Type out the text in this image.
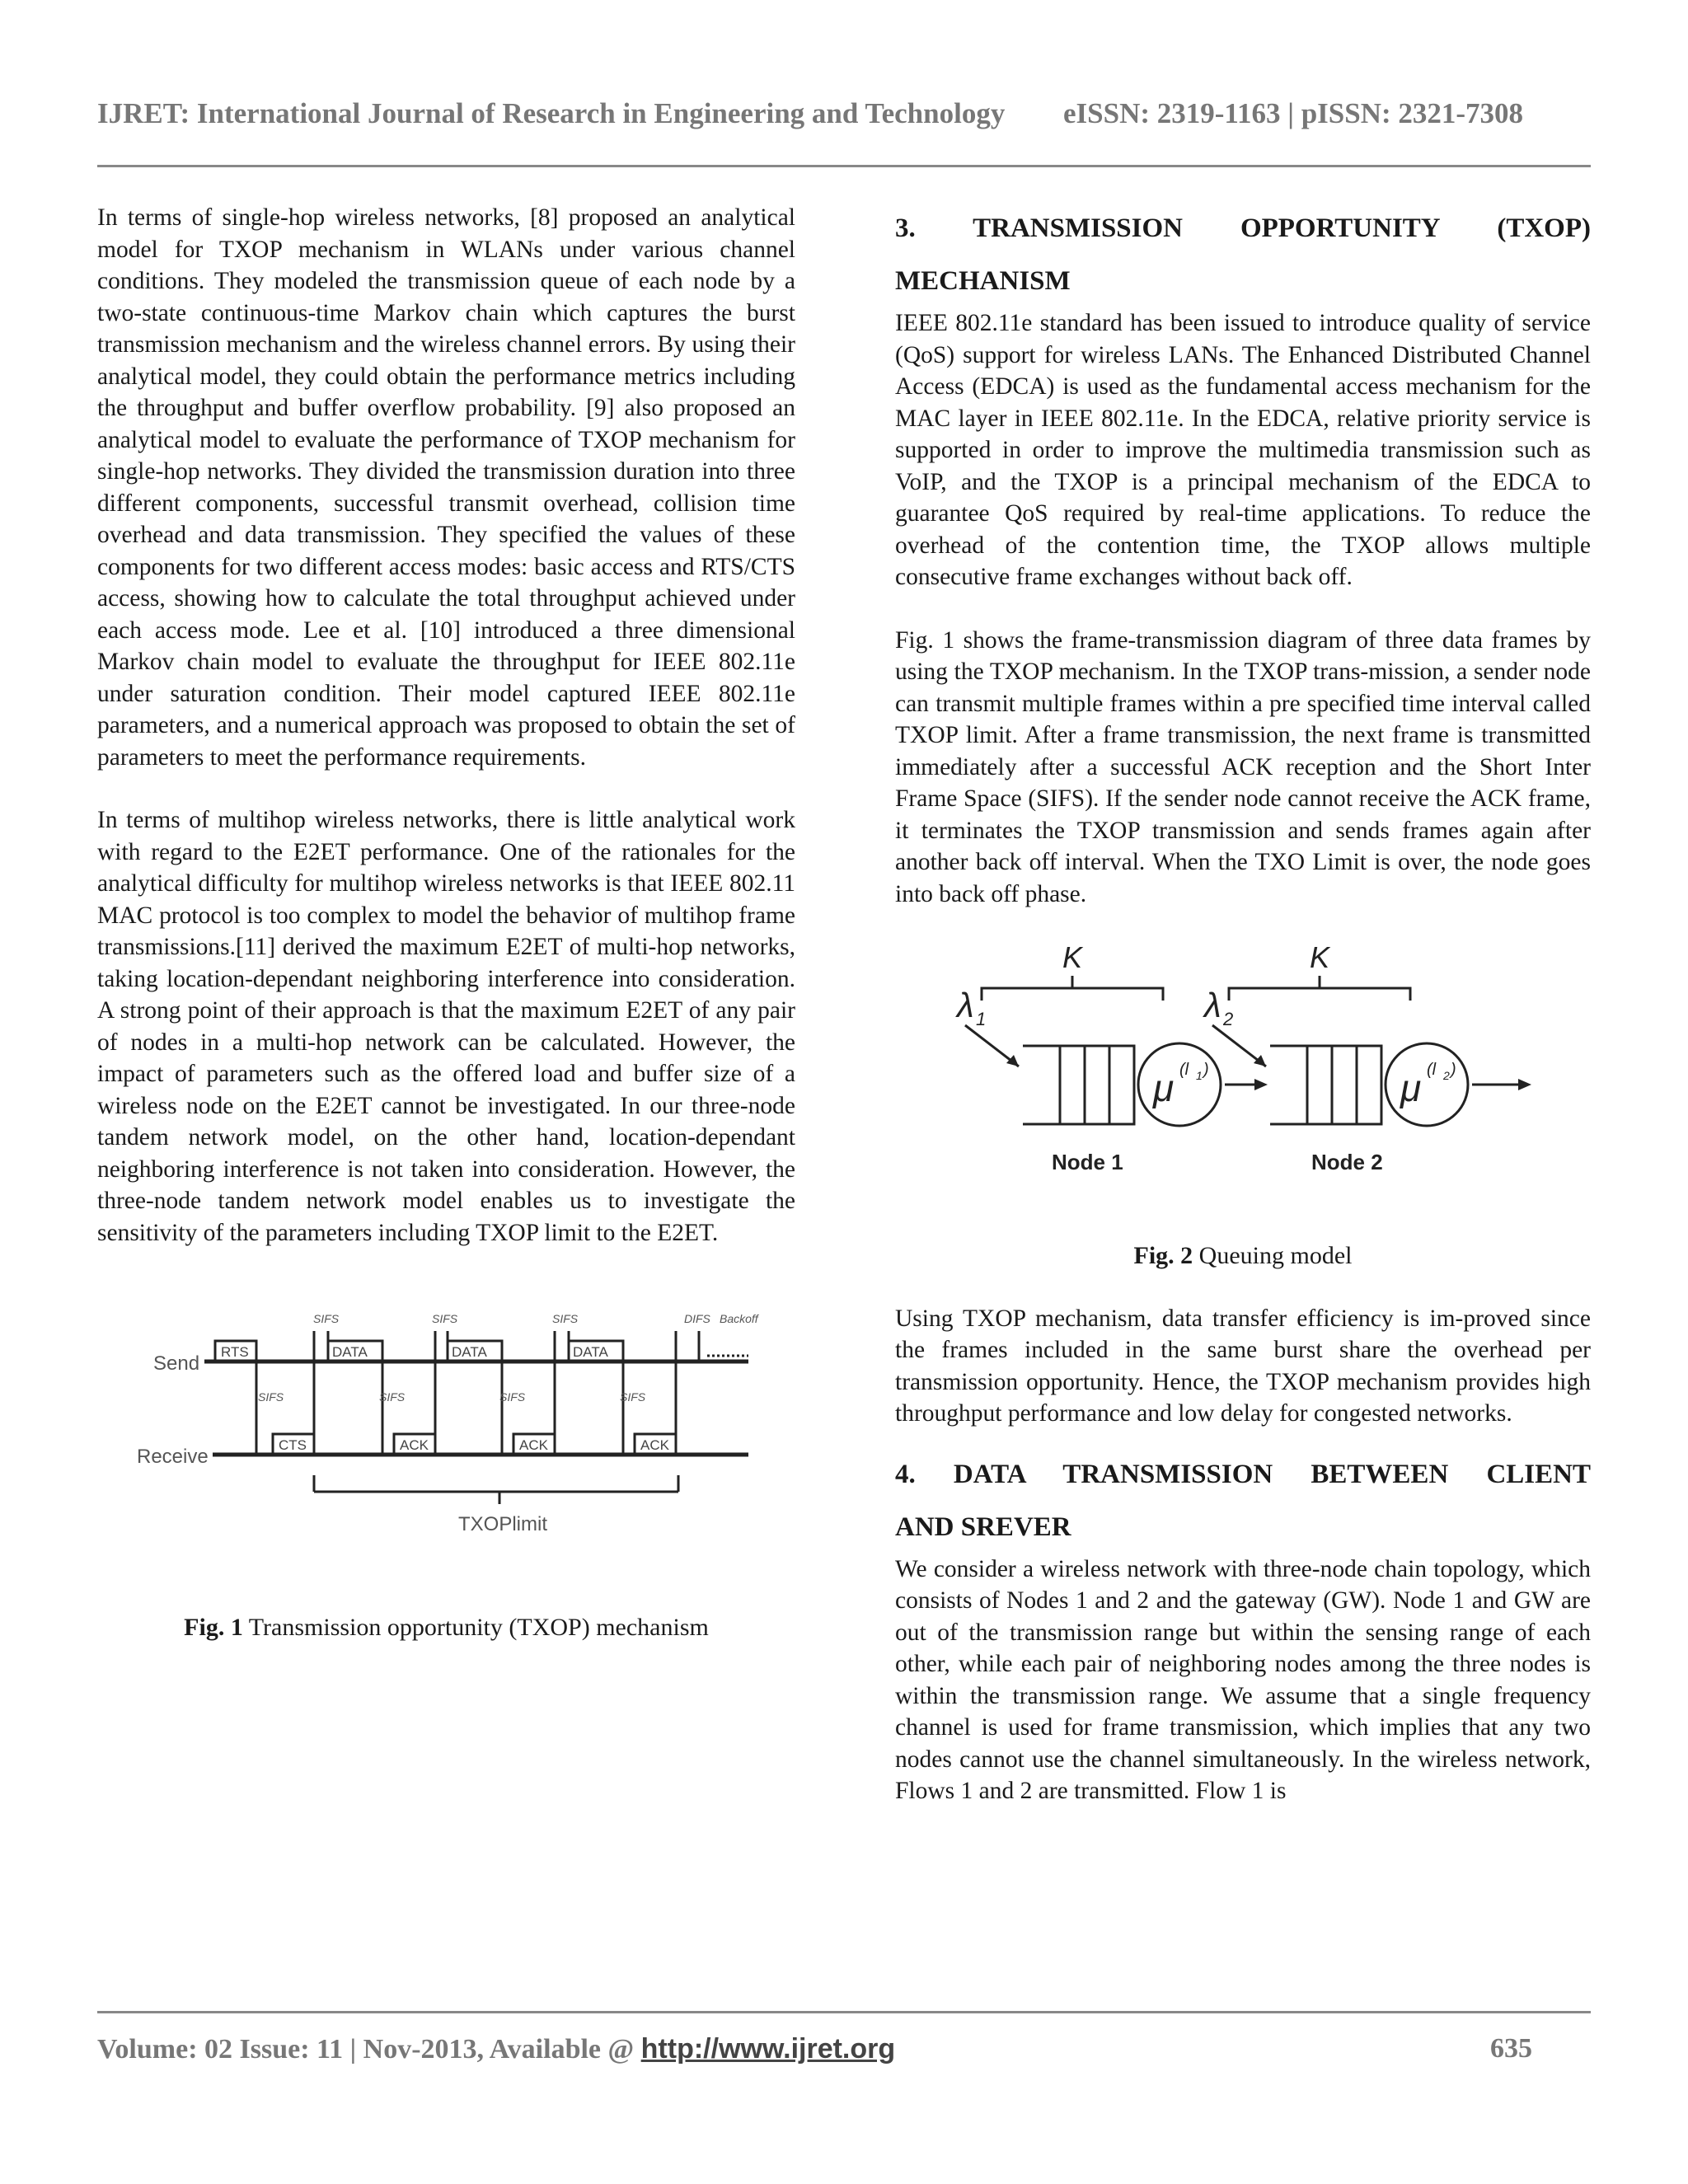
IJRET: International Journal of Research in Engineering and Technology eISSN: 2319-1163 | pISSN: 2321-7308

In terms of single-hop wireless networks, [8] proposed an analytical model for TXOP mechanism in WLANs under various channel conditions. They modeled the transmission queue of each node by a two-state continuous-time Markov chain which captures the burst transmission mechanism and the wireless channel errors. By using their analytical model, they could obtain the performance metrics including the throughput and buffer overflow probability. [9] also proposed an analytical model to evaluate the performance of TXOP mechanism for single-hop networks. They divided the transmission duration into three different components, successful transmit overhead, collision time overhead and data transmission. They specified the values of these components for two different access modes: basic access and RTS/CTS access, showing how to calculate the total throughput achieved under each access mode. Lee et al. [10] introduced a three dimensional Markov chain model to evaluate the throughput for IEEE 802.11e under saturation condition. Their model captured IEEE 802.11e parameters, and a numerical approach was proposed to obtain the set of parameters to meet the performance requirements.

In terms of multihop wireless networks, there is little analytical work with regard to the E2ET performance. One of the rationales for the analytical difficulty for multihop wireless networks is that IEEE 802.11 MAC protocol is too complex to model the behavior of multihop frame transmissions.[11] derived the maximum E2ET of multi-hop networks, taking location-dependant neighboring interference into consideration. A strong point of their approach is that the maximum E2ET of any pair of nodes in a multi-hop network can be calculated. However, the impact of parameters such as the offered load and buffer size of a wireless node on the E2ET cannot be investigated. In our three-node tandem network model, on the other hand, location-dependant neighboring interference is not taken into consideration. However, the three-node tandem network model enables us to investigate the sensitivity of the parameters including TXOP limit to the E2ET.

RTS	DATA	DATA	DATA
CTS	ACK	ACK	ACK
SIFS	SIFS	SIFS	DIFS Backoff
SIFS	SIFS	SIFS	SIFS
Send
Receive
TXOPlimit
Fig. 1 Transmission opportunity (TXOP) mechanism

3. TRANSMISSION OPPORTUNITY (TXOP)

MECHANISM

IEEE 802.11e standard has been issued to introduce quality of service (QoS) support for wireless LANs. The Enhanced Distributed Channel Access (EDCA) is used as the fundamental access mechanism for the MAC layer in IEEE 802.11e. In the EDCA, relative priority service is supported in order to improve the multimedia transmission such as VoIP, and the TXOP is a principal mechanism of the EDCA to guarantee QoS required by real-time applications. To reduce the overhead of the contention time, the TXOP allows multiple consecutive frame exchanges without back off.

Fig. 1 shows the frame-transmission diagram of three data frames by using the TXOP mechanism. In the TXOP trans-mission, a sender node can transmit multiple frames within a pre specified time interval called TXOP limit. After a frame transmission, the next frame is transmitted immediately after a successful ACK reception and the Short Inter Frame Space (SIFS). If the sender node cannot receive the ACK frame, it terminates the TXOP transmission and sends frames again after another back off interval. When the TXO Limit is over, the node goes into back off phase.

K	K
λ 1	λ 2
μ (l 1 )	μ (l 2 )
Node 1	Node 2
Fig. 2 Queuing model

Using TXOP mechanism, data transfer efficiency is im-proved since the frames included in the same burst share the overhead per transmission opportunity. Hence, the TXOP mechanism provides high throughput performance and low delay for congested networks.

4. DATA TRANSMISSION BETWEEN CLIENT

AND SREVER

We consider a wireless network with three-node chain topology, which consists of Nodes 1 and 2 and the gateway (GW). Node 1 and GW are out of the transmission range but within the sensing range of each other, while each pair of neighboring nodes among the three nodes is within the transmission range. We assume that a single frequency channel is used for frame transmission, which implies that any two nodes cannot use the channel simultaneously. In the wireless network, Flows 1 and 2 are transmitted. Flow 1 is

Volume: 02 Issue: 11 | Nov-2013, Available @ http://www.ijret.org	635
